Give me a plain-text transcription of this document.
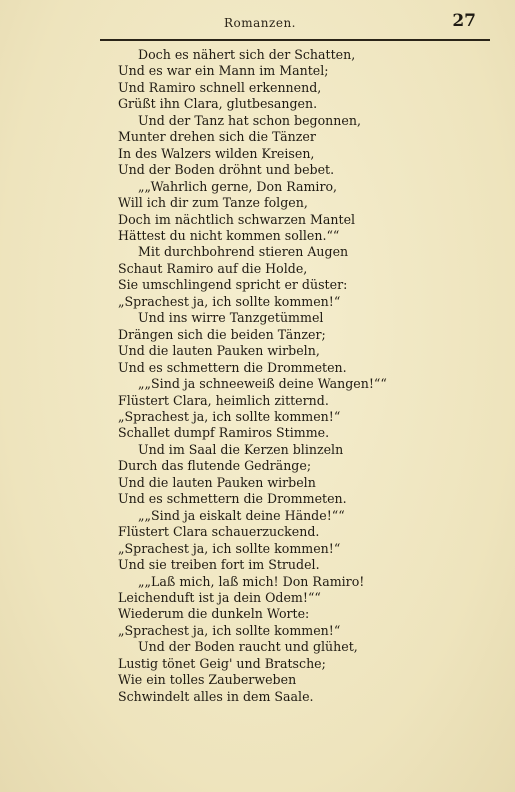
Romanzen.	27
Doch es nähert sich der Schatten,
Und es war ein Mann im Mantel;
Und Ramiro schnell erkennend,
Grüßt ihn Clara, glutbesangen.
Und der Tanz hat schon begonnen,
Munter drehen sich die Tänzer
In des Walzers wilden Kreisen,
Und der Boden dröhnt und bebet.
„„Wahrlich gerne, Don Ramiro,
Will ich dir zum Tanze folgen,
Doch im nächtlich schwarzen Mantel
Hättest du nicht kommen sollen.““
Mit durchbohrend stieren Augen
Schaut Ramiro auf die Holde,
Sie umschlingend spricht er düster:
„Sprachest ja, ich sollte kommen!“
Und ins wirre Tanzgetümmel
Drängen sich die beiden Tänzer;
Und die lauten Pauken wirbeln,
Und es schmettern die Drommeten.
„„Sind ja schneeweiß deine Wangen!““
Flüstert Clara, heimlich zitternd.
„Sprachest ja, ich sollte kommen!“
Schallet dumpf Ramiros Stimme.
Und im Saal die Kerzen blinzeln
Durch das flutende Gedränge;
Und die lauten Pauken wirbeln
Und es schmettern die Drommeten.
„„Sind ja eiskalt deine Hände!““
Flüstert Clara schauerzuckend.
„Sprachest ja, ich sollte kommen!“
Und sie treiben fort im Strudel.
„„Laß mich, laß mich! Don Ramiro!
Leichenduft ist ja dein Odem!““
Wiederum die dunkeln Worte:
„Sprachest ja, ich sollte kommen!“
Und der Boden raucht und glühet,
Lustig tönet Geig' und Bratsche;
Wie ein tolles Zauberweben
Schwindelt alles in dem Saale.
